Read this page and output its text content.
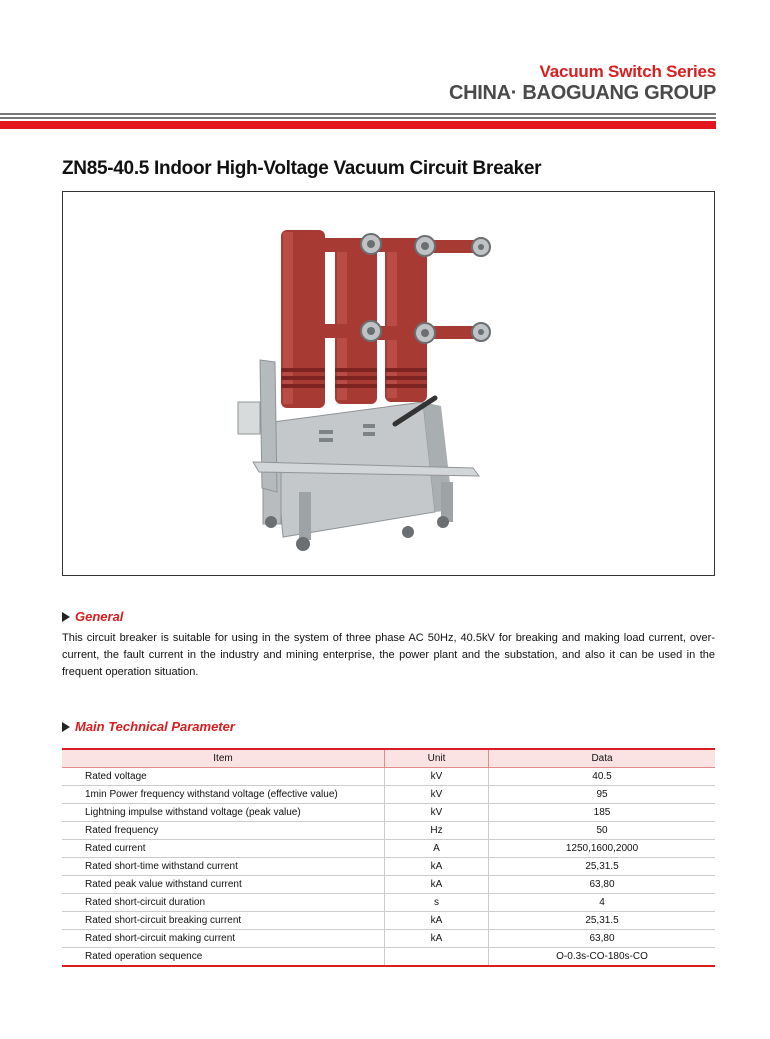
Vacuum Switch Series
CHINA· BAOGUANG GROUP
ZN85-40.5 Indoor High-Voltage Vacuum Circuit Breaker
General
This circuit breaker is suitable for using in the system of three phase AC 50Hz, 40.5kV for breaking and making load current, over-current, the fault current in the industry and mining enterprise, the power plant and the substation, and also it can be used in the frequent operation situation.
Main Technical Parameter
Item	Unit	Data
Rated voltage	kV	40.5
1min Power frequency withstand voltage (effective value)	kV	95
Lightning impulse withstand voltage (peak value)	kV	185
Rated frequency	Hz	50
Rated current	A	1250,1600,2000
Rated short-time withstand current	kA	25,31.5
Rated peak value withstand current	kA	63,80
Rated short-circuit duration	s	4
Rated short-circuit breaking current	kA	25,31.5
Rated short-circuit making current	kA	63,80
Rated operation sequence		O-0.3s-CO-180s-CO
